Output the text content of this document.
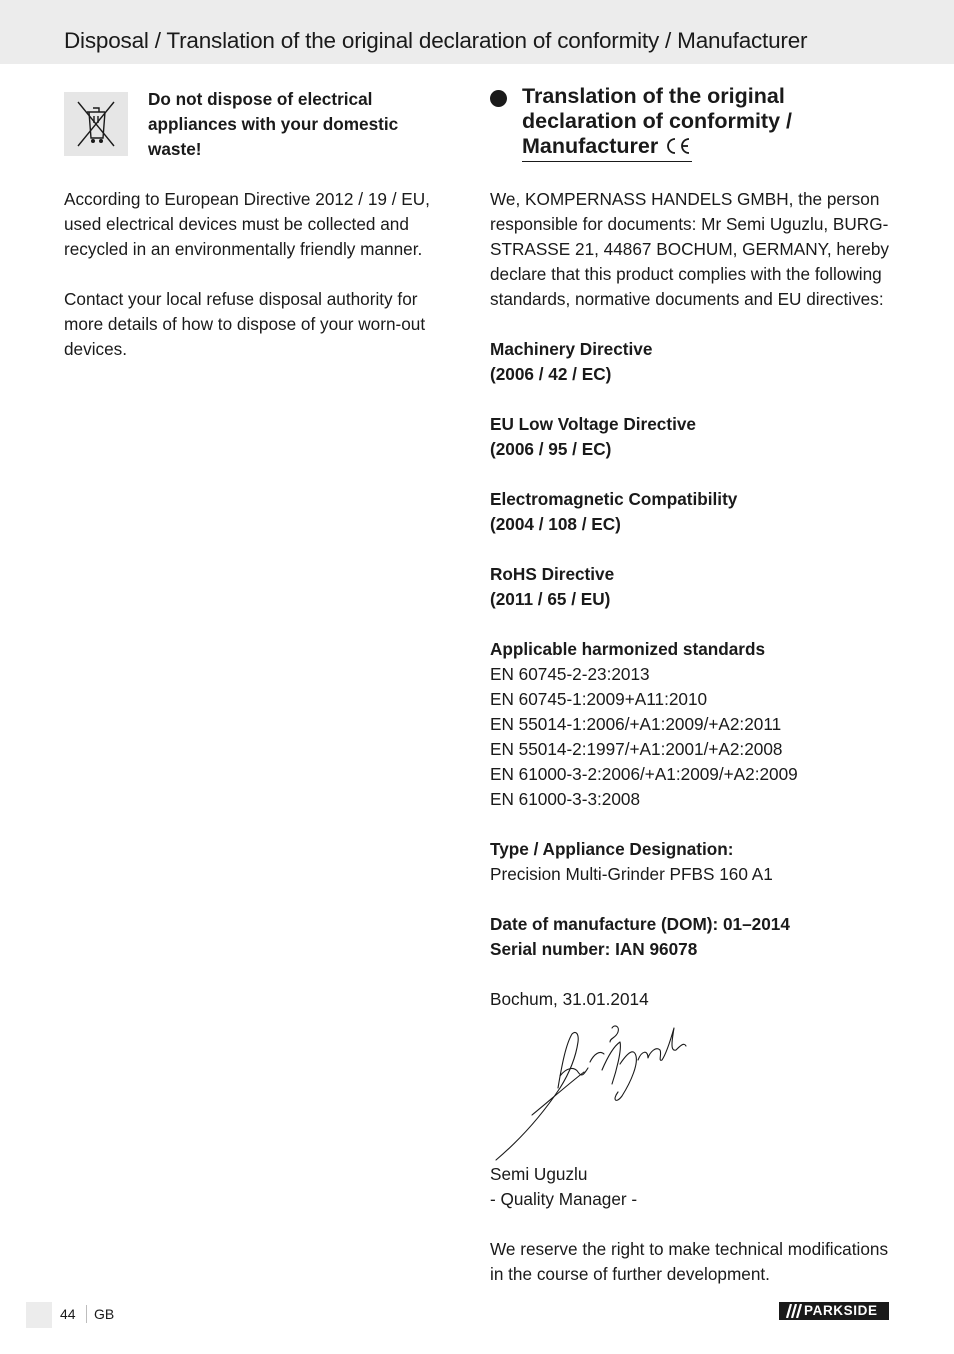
Disposal / Translation of the original declaration of conformity / Manufacturer
Do not dispose of electrical appliances with your domestic waste!

According to European Directive 2012 / 19 / EU, used electrical devices must be collected and recycled in an environmentally friendly manner.

Contact your local refuse disposal authority for more details of how to dispose of your worn-out devices.

Translation of the original
declaration of conformity /
Manufacturer

We, KOMPERNASS HANDELS GMBH, the person responsible for documents: Mr Semi Uguzlu, BURG-STRASSE 21, 44867 BOCHUM, GERMANY, hereby declare that this product complies with the following standards, normative documents and EU directives:

Machinery Directive
(2006 / 42 / EC)
EU Low Voltage Directive
(2006 / 95 / EC)
Electromagnetic Compatibility
(2004 / 108 / EC)
RoHS Directive
(2011 / 65 / EU)
Applicable harmonized standards
EN 60745-2-23:2013
EN 60745-1:2009+A11:2010
EN 55014-1:2006/+A1:2009/+A2:2011
EN 55014-2:1997/+A1:2001/+A2:2008
EN 61000-3-2:2006/+A1:2009/+A2:2009
EN 61000-3-3:2008
Type / Appliance Designation:
Precision Multi-Grinder PFBS 160 A1
Date of manufacture (DOM): 01–2014
Serial number: IAN 96078
Bochum, 31.01.2014
Semi Uguzlu
- Quality Manager -

We reserve the right to make technical modifications in the course of further development.

44 GB	PARKSIDE
